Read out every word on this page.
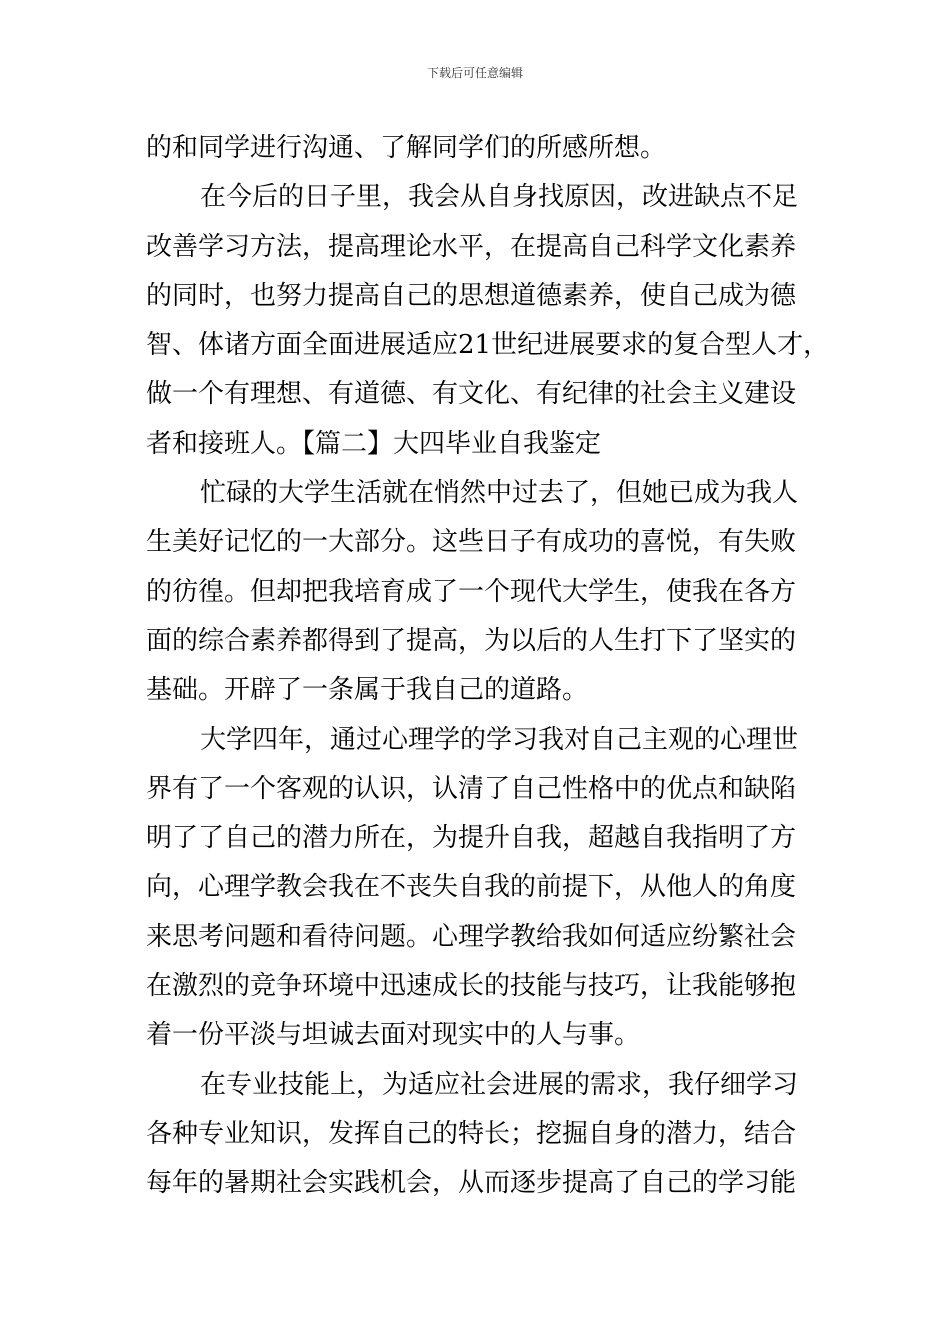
下载后可任意编辑
的和同学进行沟通、了解同学们的所感所想。
在今后的日子里，我会从自身找原因，改进缺点不足
改善学习方法，提高理论水平，在提高自己科学文化素养
的同时，也努力提高自己的思想道德素养，使自己成为德
智、体诸方面全面进展适应21世纪进展要求的复合型人才，
做一个有理想、有道德、有文化、有纪律的社会主义建设
者和接班人。【篇二】大四毕业自我鉴定
忙碌的大学生活就在悄然中过去了，但她已成为我人
生美好记忆的一大部分。这些日子有成功的喜悦，有失败
的彷徨。但却把我培育成了一个现代大学生，使我在各方
面的综合素养都得到了提高，为以后的人生打下了坚实的
基础。开辟了一条属于我自己的道路。
大学四年，通过心理学的学习我对自己主观的心理世
界有了一个客观的认识，认清了自己性格中的优点和缺陷
明了了自己的潜力所在，为提升自我，超越自我指明了方
向，心理学教会我在不丧失自我的前提下，从他人的角度
来思考问题和看待问题。心理学教给我如何适应纷繁社会
在激烈的竞争环境中迅速成长的技能与技巧，让我能够抱
着一份平淡与坦诚去面对现实中的人与事。
在专业技能上，为适应社会进展的需求，我仔细学习
各种专业知识，发挥自己的特长；挖掘自身的潜力，结合
每年的暑期社会实践机会，从而逐步提高了自己的学习能
